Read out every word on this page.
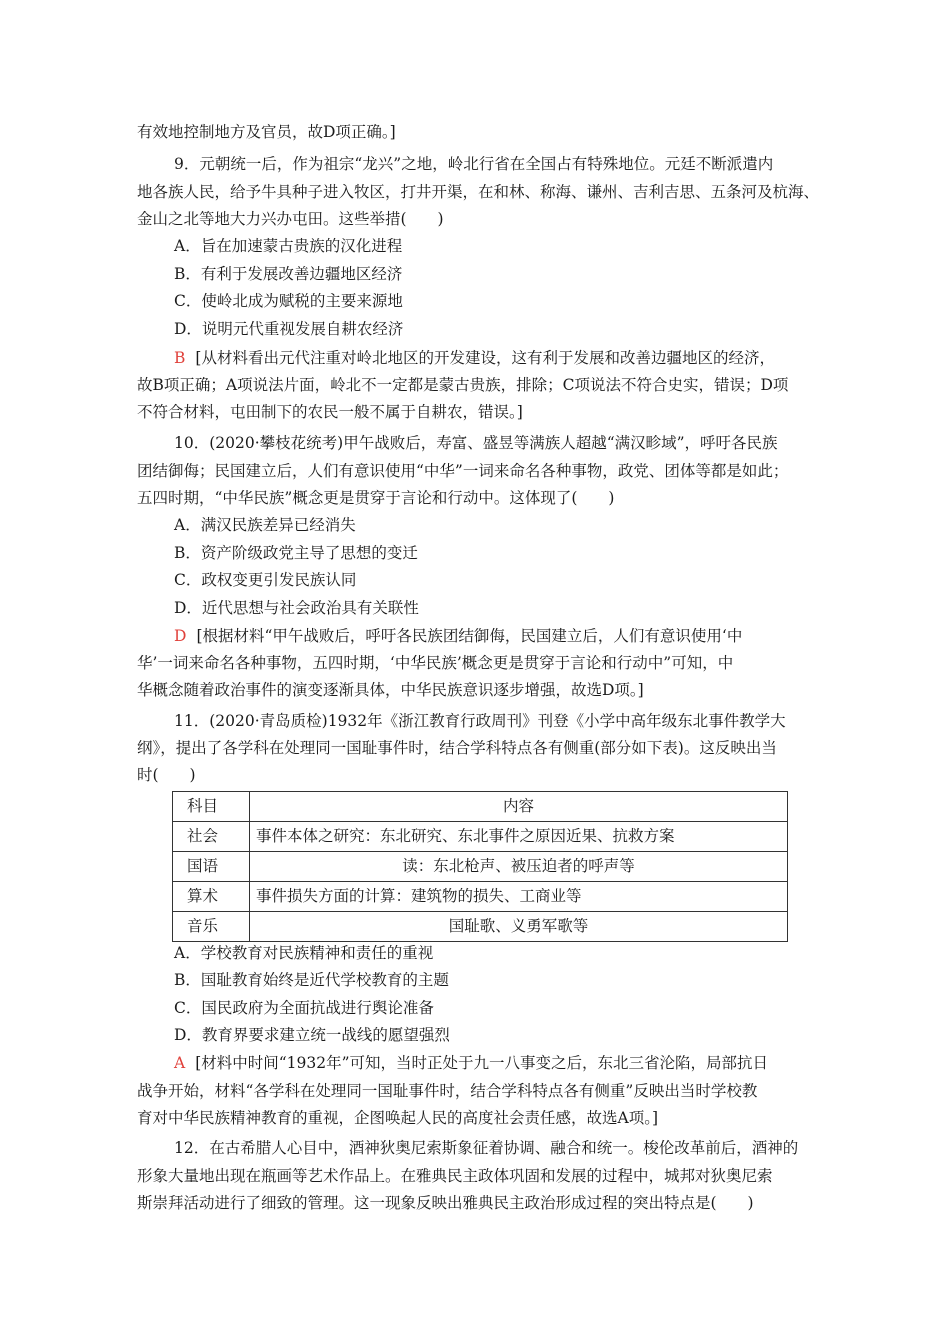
有效地控制地方及官员，故D项正确。]
9．元朝统一后，作为祖宗“龙兴”之地，岭北行省在全国占有特殊地位。元廷不断派遣内
地各族人民，给予牛具种子进入牧区，打井开渠，在和林、称海、谦州、吉利吉思、五条河及杭海、
金山之北等地大力兴办屯田。这些举措(　　)
A．旨在加速蒙古贵族的汉化进程
B．有利于发展改善边疆地区经济
C．使岭北成为赋税的主要来源地
D．说明元代重视发展自耕农经济
B [从材料看出元代注重对岭北地区的开发建设，这有利于发展和改善边疆地区的经济，
故B项正确；A项说法片面，岭北不一定都是蒙古贵族，排除；C项说法不符合史实，错误；D项
不符合材料，屯田制下的农民一般不属于自耕农，错误。]
10．(2020·攀枝花统考)甲午战败后，寿富、盛昱等满族人超越“满汉畛域”，呼吁各民族
团结御侮；民国建立后，人们有意识使用“中华”一词来命名各种事物，政党、团体等都是如此；
五四时期，“中华民族”概念更是贯穿于言论和行动中。这体现了(　　)
A．满汉民族差异已经消失
B．资产阶级政党主导了思想的变迁
C．政权变更引发民族认同
D．近代思想与社会政治具有关联性
D [根据材料“甲午战败后，呼吁各民族团结御侮，民国建立后，人们有意识使用‘中
华’一词来命名各种事物，五四时期，‘中华民族’概念更是贯穿于言论和行动中”可知，中
华概念随着政治事件的演变逐渐具体，中华民族意识逐步增强，故选D项。]
11．(2020·青岛质检)1932年《浙江教育行政周刊》刊登《小学中高年级东北事件教学大
纲》，提出了各学科在处理同一国耻事件时，结合学科特点各有侧重(部分如下表)。这反映出当
时(　　)
科目	内容
社会	事件本体之研究：东北研究、东北事件之原因近果、抗救方案
国语	读：东北枪声、被压迫者的呼声等
算术	事件损失方面的计算：建筑物的损失、工商业等
音乐	国耻歌、义勇军歌等
A．学校教育对民族精神和责任的重视
B．国耻教育始终是近代学校教育的主题
C．国民政府为全面抗战进行舆论准备
D．教育界要求建立统一战线的愿望强烈
A [材料中时间“1932年”可知，当时正处于九一八事变之后，东北三省沦陷，局部抗日
战争开始，材料“各学科在处理同一国耻事件时，结合学科特点各有侧重”反映出当时学校教
育对中华民族精神教育的重视，企图唤起人民的高度社会责任感，故选A项。]
12．在古希腊人心目中，酒神狄奥尼索斯象征着协调、融合和统一。梭伦改革前后，酒神的
形象大量地出现在瓶画等艺术作品上。在雅典民主政体巩固和发展的过程中，城邦对狄奥尼索
斯崇拜活动进行了细致的管理。这一现象反映出雅典民主政治形成过程的突出特点是(　　)
